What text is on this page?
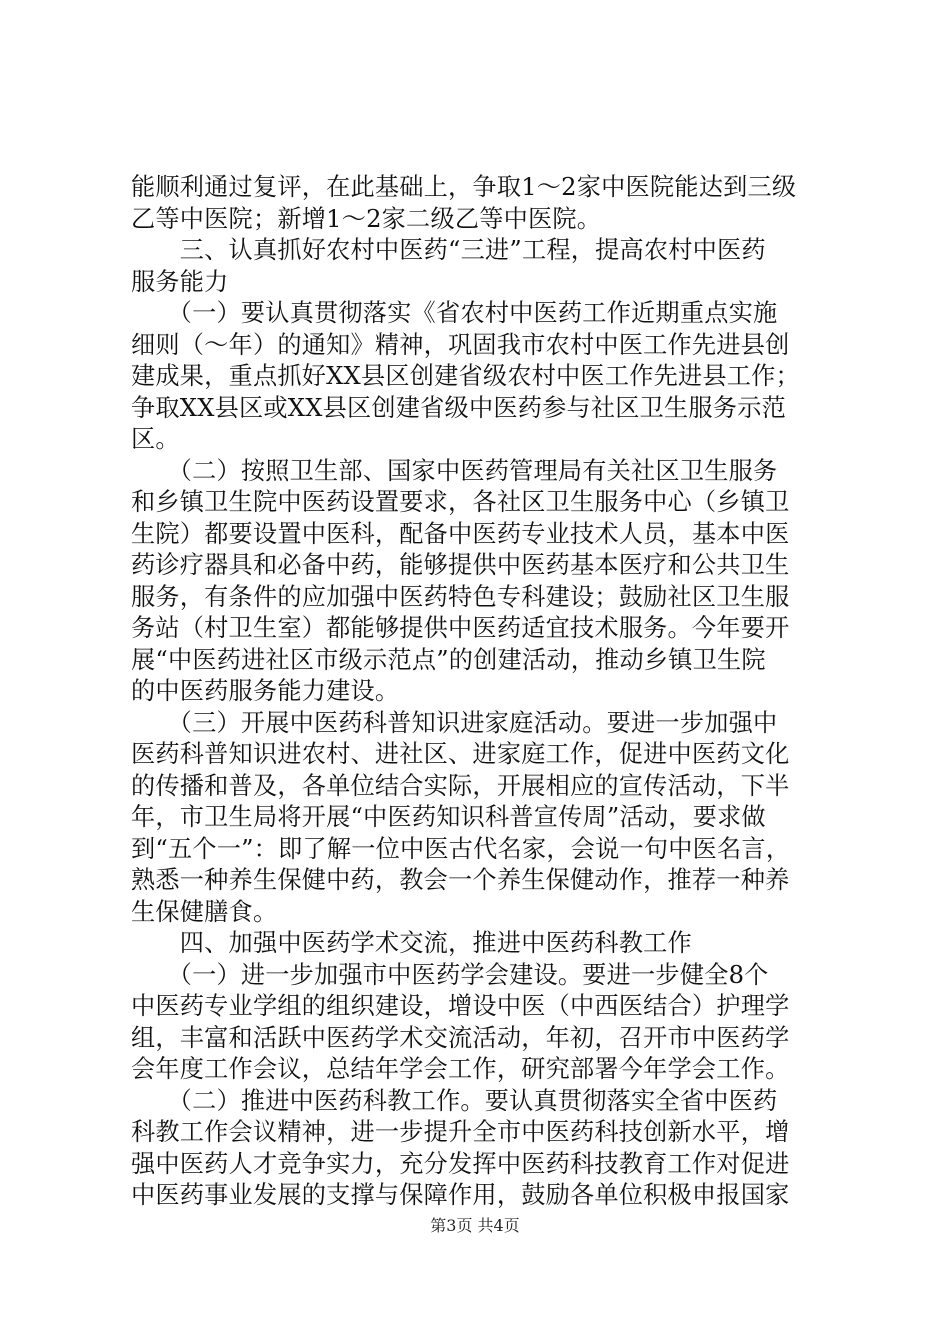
能顺利通过复评，在此基础上，争取1～2家中医院能达到三级
乙等中医院；新增1～2家二级乙等中医院。
　　三、认真抓好农村中医药“三进”工程，提高农村中医药
服务能力
　　（一）要认真贯彻落实《省农村中医药工作近期重点实施
细则（～年）的通知》精神，巩固我市农村中医工作先进县创
建成果，重点抓好XX县区创建省级农村中医工作先进县工作；
争取XX县区或XX县区创建省级中医药参与社区卫生服务示范
区。
　　（二）按照卫生部、国家中医药管理局有关社区卫生服务
和乡镇卫生院中医药设置要求，各社区卫生服务中心（乡镇卫
生院）都要设置中医科，配备中医药专业技术人员，基本中医
药诊疗器具和必备中药，能够提供中医药基本医疗和公共卫生
服务，有条件的应加强中医药特色专科建设；鼓励社区卫生服
务站（村卫生室）都能够提供中医药适宜技术服务。今年要开
展“中医药进社区市级示范点”的创建活动，推动乡镇卫生院
的中医药服务能力建设。
　　（三）开展中医药科普知识进家庭活动。要进一步加强中
医药科普知识进农村、进社区、进家庭工作，促进中医药文化
的传播和普及，各单位结合实际，开展相应的宣传活动，下半
年，市卫生局将开展“中医药知识科普宣传周”活动，要求做
到“五个一”：即了解一位中医古代名家，会说一句中医名言，
熟悉一种养生保健中药，教会一个养生保健动作，推荐一种养
生保健膳食。
　　四、加强中医药学术交流，推进中医药科教工作
　　（一）进一步加强市中医药学会建设。要进一步健全8个
中医药专业学组的组织建设，增设中医（中西医结合）护理学
组，丰富和活跃中医药学术交流活动，年初，召开市中医药学
会年度工作会议，总结年学会工作，研究部署今年学会工作。
　　（二）推进中医药科教工作。要认真贯彻落实全省中医药
科教工作会议精神，进一步提升全市中医药科技创新水平，增
强中医药人才竞争实力，充分发挥中医药科技教育工作对促进
中医药事业发展的支撑与保障作用，鼓励各单位积极申报国家
第3页 共4页
